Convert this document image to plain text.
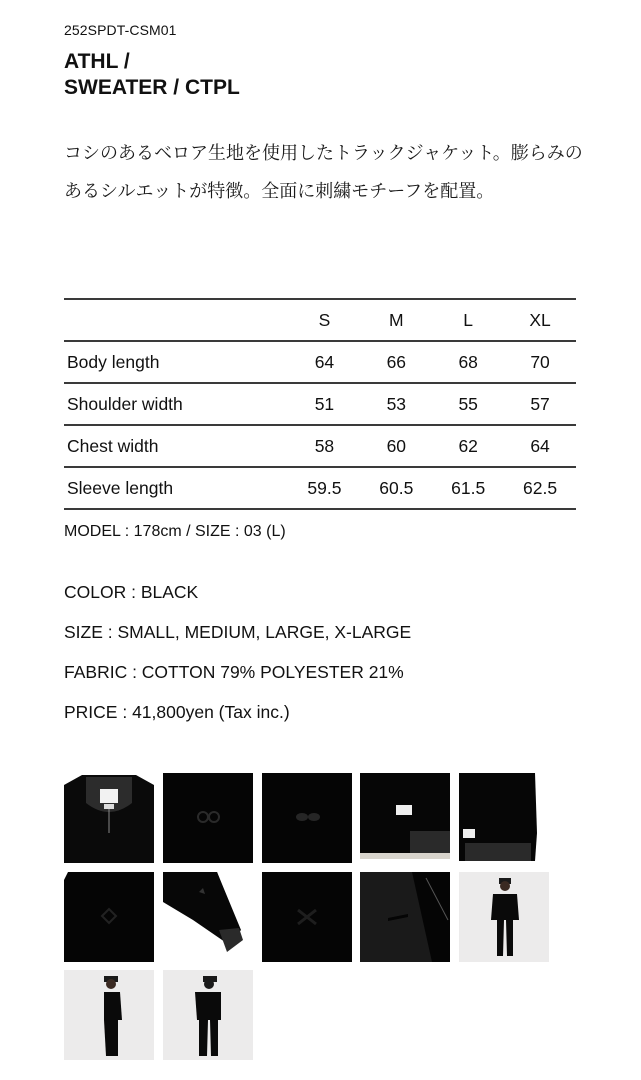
252SPDT-CSM01
ATHL /
SWEATER / CTPL
コシのあるベロア生地を使用したトラックジャケット。膨らみのあるシルエットが特徴。全面に刺繍モチーフを配置。
	S	M	L	XL
Body length	64	66	68	70
Shoulder width	51	53	55	57
Chest width	58	60	62	64
Sleeve length	59.5	60.5	61.5	62.5
MODEL : 178cm / SIZE : 03 (L)
COLOR : BLACK
SIZE : SMALL, MEDIUM, LARGE, X-LARGE
FABRIC : COTTON 79% POLYESTER 21%
PRICE : 41,800yen (Tax inc.)
